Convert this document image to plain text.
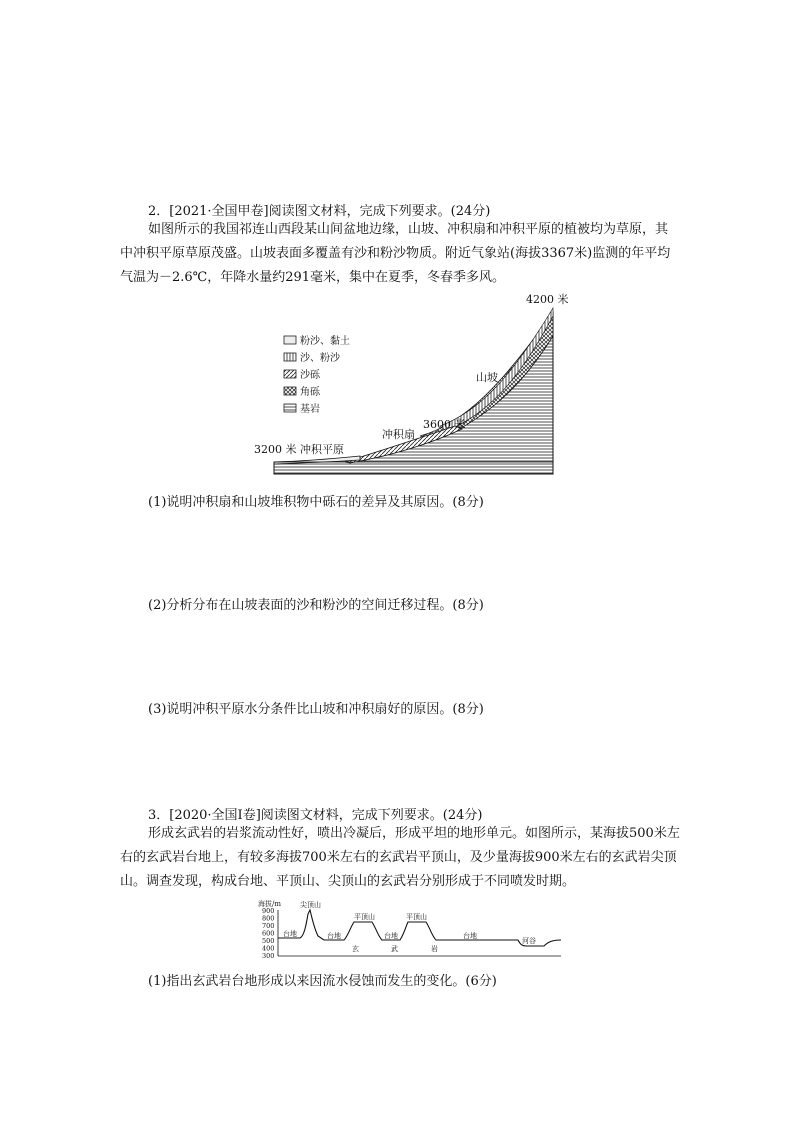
2．[2021·全国甲卷]阅读图文材料，完成下列要求。(24分)

如图所示的我国祁连山西段某山间盆地边缘，山坡、冲积扇和冲积平原的植被均为草原，其中冲积平原草原茂盛。山坡表面多覆盖有沙和粉沙物质。附近气象站(海拔3367米)监测的年平均气温为－2.6℃，年降水量约291毫米，集中在夏季，冬春季多风。

粉沙、黏土
沙、粉沙
沙砾
角砾
基岩
4200 米
山坡
3600 米
冲积扇
3200 米 冲积平原

(1)说明冲积扇和山坡堆积物中砾石的差异及其原因。(8分)

(2)分析分布在山坡表面的沙和粉沙的空间迁移过程。(8分)

(3)说明冲积平原水分条件比山坡和冲积扇好的原因。(8分)

3．[2020·全国Ⅰ卷]阅读图文材料，完成下列要求。(24分)

形成玄武岩的岩浆流动性好，喷出冷凝后，形成平坦的地形单元。如图所示，某海拔500米左右的玄武岩台地上，有较多海拔700米左右的玄武岩平顶山，及少量海拔900米左右的玄武岩尖顶山。调查发现，构成台地、平顶山、尖顶山的玄武岩分别形成于不同喷发时期。

海拔/m
900
800
700
600
500
400
300
台地
尖顶山
台地
平顶山
台地
平顶山
台地
河谷
玄	武	岩

(1)指出玄武岩台地形成以来因流水侵蚀而发生的变化。(6分)
